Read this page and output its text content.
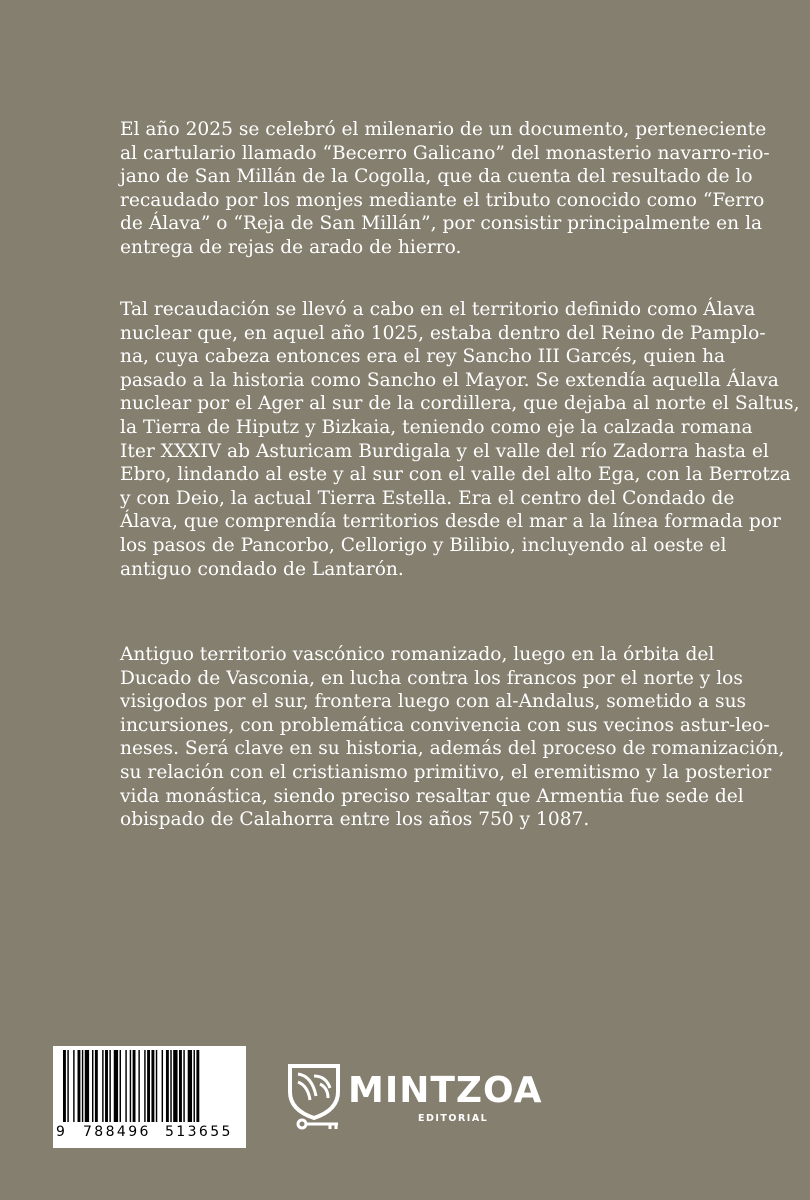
El año 2025 se celebró el milenario de un documento, perteneciente
al cartulario llamado “Becerro Galicano” del monasterio navarro-rio-
jano de San Millán de la Cogolla, que da cuenta del resultado de lo
recaudado por los monjes mediante el tributo conocido como “Ferro
de Álava” o “Reja de San Millán”, por consistir principalmente en la
entrega de rejas de arado de hierro.
Tal recaudación se llevó a cabo en el territorio definido como Álava
nuclear que, en aquel año 1025, estaba dentro del Reino de Pamplo-
na, cuya cabeza entonces era el rey Sancho III Garcés, quien ha
pasado a la historia como Sancho el Mayor. Se extendía aquella Álava
nuclear por el Ager al sur de la cordillera, que dejaba al norte el Saltus,
la Tierra de Hiputz y Bizkaia, teniendo como eje la calzada romana
Iter XXXIV ab Asturicam Burdigala y el valle del río Zadorra hasta el
Ebro, lindando al este y al sur con el valle del alto Ega, con la Berrotza
y con Deio, la actual Tierra Estella. Era el centro del Condado de
Álava, que comprendía territorios desde el mar a la línea formada por
los pasos de Pancorbo, Cellorigo y Bilibio, incluyendo al oeste el
antiguo condado de Lantarón.
Antiguo territorio vascónico romanizado, luego en la órbita del
Ducado de Vasconia, en lucha contra los francos por el norte y los
visigodos por el sur, frontera luego con al-Andalus, sometido a sus
incursiones, con problemática convivencia con sus vecinos astur-leo-
neses. Será clave en su historia, además del proceso de romanización,
su relación con el cristianismo primitivo, el eremitismo y la posterior
vida monástica, siendo preciso resaltar que Armentia fue sede del
obispado de Calahorra entre los años 750 y 1087.
9 788496 513655
MINTZOA
EDITORIAL
